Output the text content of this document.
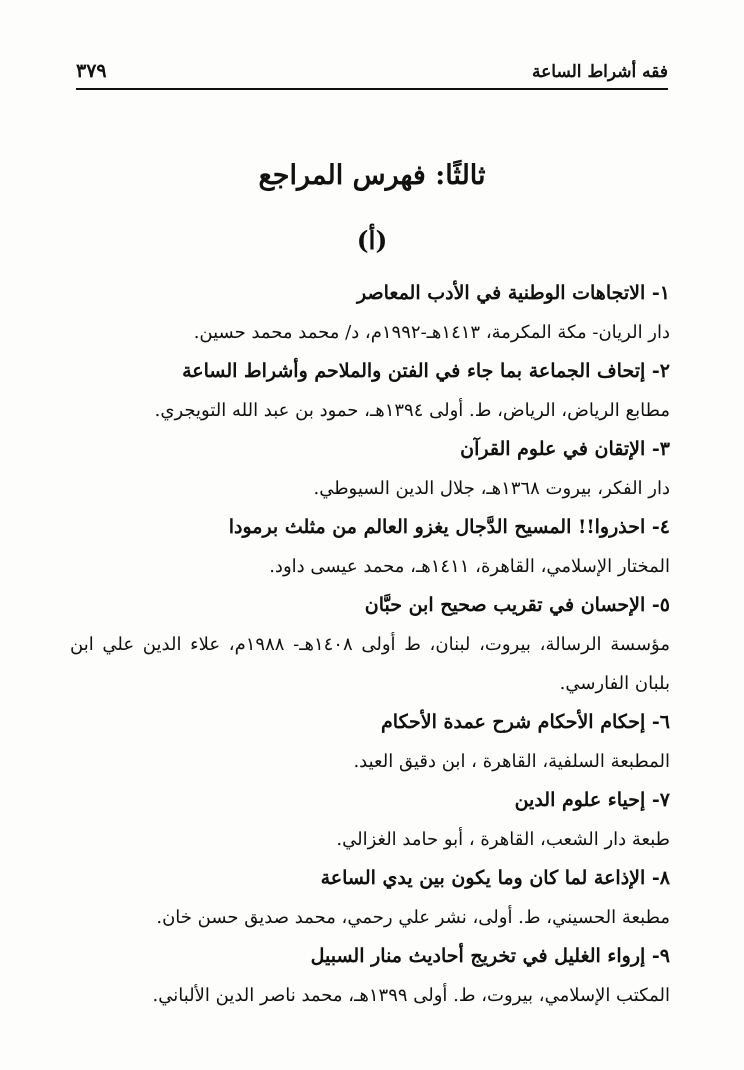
فقه أشراط الساعة
٣٧٩
ثالثًا: فهرس المراجع
(أ)
١- الاتجاهات الوطنية في الأدب المعاصر
دار الريان- مكة المكرمة، ١٤١٣هـ-١٩٩٢م، د/ محمد محمد حسين.
٢- إتحاف الجماعة بما جاء في الفتن والملاحم وأشراط الساعة
مطابع الرياض، الرياض، ط. أولى ١٣٩٤هـ، حمود بن عبد الله التويجري.
٣- الإتقان في علوم القرآن
دار الفكر، بيروت ١٣٦٨هـ، جلال الدين السيوطي.
٤- احذروا!! المسيح الدَّجال يغزو العالم من مثلث برمودا
المختار الإسلامي، القاهرة، ١٤١١هـ، محمد عيسى داود.
٥- الإحسان في تقريب صحيح ابن حبَّان
مؤسسة الرسالة، بيروت، لبنان، ط أولى ١٤٠٨هـ- ١٩٨٨م، علاء الدين علي ابن بلبان الفارسي.
٦- إحكام الأحكام شرح عمدة الأحكام
المطبعة السلفية، القاهرة ، ابن دقيق العيد.
٧- إحياء علوم الدين
طبعة دار الشعب، القاهرة ، أبو حامد الغزالي.
٨- الإذاعة لما كان وما يكون بين يدي الساعة
مطبعة الحسيني، ط. أولى، نشر علي رحمي، محمد صديق حسن خان.
٩- إرواء الغليل في تخريج أحاديث منار السبيل
المكتب الإسلامي، بيروت، ط. أولى ١٣٩٩هـ، محمد ناصر الدين الألباني.
